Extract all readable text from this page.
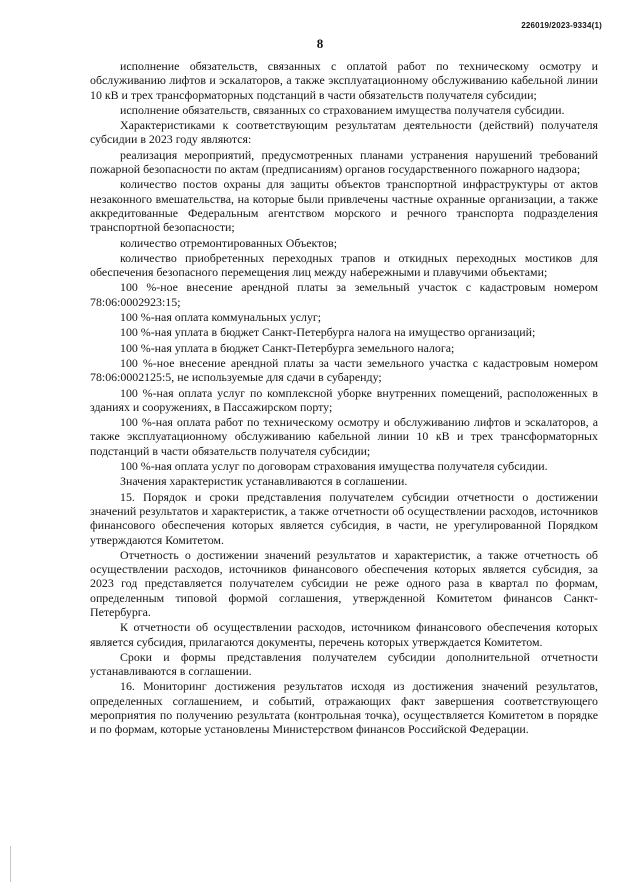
226019/2023-9334(1)
8

исполнение обязательств, связанных с оплатой работ по техническому осмотру и обслуживанию лифтов и эскалаторов, а также эксплуатационному обслуживанию кабельной линии 10 кВ и трех трансформаторных подстанций в части обязательств получателя субсидии;

исполнение обязательств, связанных со страхованием имущества получателя субсидии.

Характеристиками к соответствующим результатам деятельности (действий) получателя субсидии в 2023 году являются:

реализация мероприятий, предусмотренных планами устранения нарушений требований пожарной безопасности по актам (предписаниям) органов государственного пожарного надзора;

количество постов охраны для защиты объектов транспортной инфраструктуры от актов незаконного вмешательства, на которые были привлечены частные охранные организации, а также аккредитованные Федеральным агентством морского и речного транспорта подразделения транспортной безопасности;

количество отремонтированных Объектов;

количество приобретенных переходных трапов и откидных переходных мостиков для обеспечения безопасного перемещения лиц между набережными и плавучими объектами;

100 %-ное внесение арендной платы за земельный участок с кадастровым номером 78:06:0002923:15;

100 %-ная оплата коммунальных услуг;

100 %-ная уплата в бюджет Санкт-Петербурга налога на имущество организаций;

100 %-ная уплата в бюджет Санкт-Петербурга земельного налога;

100 %-ное внесение арендной платы за части земельного участка с кадастровым номером 78:06:0002125:5, не используемые для сдачи в субаренду;

100 %-ная оплата услуг по комплексной уборке внутренних помещений, расположенных в зданиях и сооружениях, в Пассажирском порту;

100 %-ная оплата работ по техническому осмотру и обслуживанию лифтов и эскалаторов, а также эксплуатационному обслуживанию кабельной линии 10 кВ и трех трансформаторных подстанций в части обязательств получателя субсидии;

100 %-ная оплата услуг по договорам страхования имущества получателя субсидии.

Значения характеристик устанавливаются в соглашении.

15. Порядок и сроки представления получателем субсидии отчетности о достижении значений результатов и характеристик, а также отчетности об осуществлении расходов, источников финансового обеспечения которых является субсидия, в части, не урегулированной Порядком утверждаются Комитетом.

Отчетность о достижении значений результатов и характеристик, а также отчетность об осуществлении расходов, источников финансового обеспечения которых является субсидия, за 2023 год представляется получателем субсидии не реже одного раза в квартал по формам, определенным типовой формой соглашения, утвержденной Комитетом финансов Санкт-Петербурга.

К отчетности об осуществлении расходов, источником финансового обеспечения которых является субсидия, прилагаются документы, перечень которых утверждается Комитетом.

Сроки и формы представления получателем субсидии дополнительной отчетности устанавливаются в соглашении.

16. Мониторинг достижения результатов исходя из достижения значений результатов, определенных соглашением, и событий, отражающих факт завершения соответствующего мероприятия по получению результата (контрольная точка), осуществляется Комитетом в порядке и по формам, которые установлены Министерством финансов Российской Федерации.
